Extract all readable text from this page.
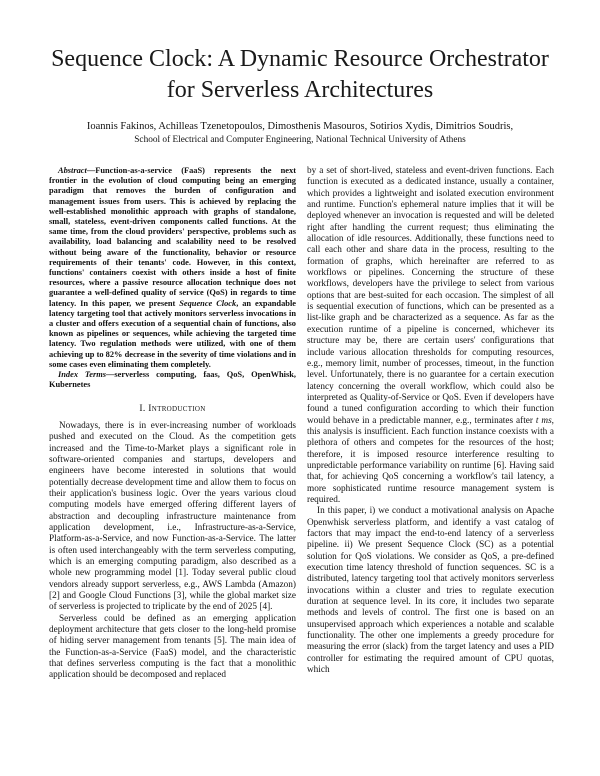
Sequence Clock: A Dynamic Resource Orchestrator
for Serverless Architectures
Ioannis Fakinos, Achilleas Tzenetopoulos, Dimosthenis Masouros, Sotirios Xydis, Dimitrios Soudris,
School of Electrical and Computer Engineering, National Technical University of Athens

Abstract—Function-as-a-service (FaaS) represents the next frontier in the evolution of cloud computing being an emerging paradigm that removes the burden of configuration and management issues from users. This is achieved by replacing the well-established monolithic approach with graphs of standalone, small, stateless, event-driven components called functions. At the same time, from the cloud providers' perspective, problems such as availability, load balancing and scalability need to be resolved without being aware of the functionality, behavior or resource requirements of their tenants' code. However, in this context, functions' containers coexist with others inside a host of finite resources, where a passive resource allocation technique does not guarantee a well-defined quality of service (QoS) in regards to time latency. In this paper, we present Sequence Clock, an expandable latency targeting tool that actively monitors serverless invocations in a cluster and offers execution of a sequential chain of functions, also known as pipelines or sequences, while achieving the targeted time latency. Two regulation methods were utilized, with one of them achieving up to 82% decrease in the severity of time violations and in some cases even eliminating them completely.

Index Terms—serverless computing, faas, QoS, OpenWhisk, Kubernetes

I. Introduction

Nowadays, there is in ever-increasing number of workloads pushed and executed on the Cloud. As the competition gets increased and the Time-to-Market plays a significant role in software-oriented companies and startups, developers and engineers have become interested in solutions that would potentially decrease development time and allow them to focus on their application's business logic. Over the years various cloud computing models have emerged offering different layers of abstraction and decoupling infrastructure maintenance from application development, i.e., Infrastructure-as-a-Service, Platform-as-a-Service, and now Function-as-a-Service. The latter is often used interchangeably with the term serverless computing, which is an emerging computing paradigm, also described as a whole new programming model [1]. Today several public cloud vendors already support serverless, e.g., AWS Lambda (Amazon) [2] and Google Cloud Functions [3], while the global market size of serverless is projected to triplicate by the end of 2025 [4].

Serverless could be defined as an emerging application deployment architecture that gets closer to the long-held promise of hiding server management from tenants [5]. The main idea of the Function-as-a-Service (FaaS) model, and the characteristic that defines serverless computing is the fact that a monolithic application should be decomposed and replaced

by a set of short-lived, stateless and event-driven functions. Each function is executed as a dedicated instance, usually a container, which provides a lightweight and isolated execution environment and runtime. Function's ephemeral nature implies that it will be deployed whenever an invocation is requested and will be deleted right after handling the current request; thus eliminating the allocation of idle resources. Additionally, these functions need to call each other and share data in the process, resulting to the formation of graphs, which hereinafter are referred to as workflows or pipelines. Concerning the structure of these workflows, developers have the privilege to select from various options that are best-suited for each occasion. The simplest of all is sequential execution of functions, which can be presented as a list-like graph and be characterized as a sequence. As far as the execution runtime of a pipeline is concerned, whichever its structure may be, there are certain users' configurations that include various allocation thresholds for computing resources, e.g., memory limit, number of processes, timeout, in the function level. Unfortunately, there is no guarantee for a certain execution latency concerning the overall workflow, which could also be interpreted as Quality-of-Service or QoS. Even if developers have found a tuned configuration according to which their function would behave in a predictable manner, e.g., terminates after t ms, this analysis is insufficient. Each function instance coexists with a plethora of others and competes for the resources of the host; therefore, it is imposed resource interference resulting to unpredictable performance variability on runtime [6]. Having said that, for achieving QoS concerning a workflow's tail latency, a more sophisticated runtime resource management system is required.

In this paper, i) we conduct a motivational analysis on Apache Openwhisk serverless platform, and identify a vast catalog of factors that may impact the end-to-end latency of a serverless pipeline. ii) We present Sequence Clock (SC) as a potential solution for QoS violations. We consider as QoS, a pre-defined execution time latency threshold of function sequences. SC is a distributed, latency targeting tool that actively monitors serverless invocations within a cluster and tries to regulate execution duration at sequence level. In its core, it includes two separate methods and levels of control. The first one is based on an unsupervised approach which experiences a notable and scalable functionality. The other one implements a greedy procedure for measuring the error (slack) from the target latency and uses a PID controller for estimating the required amount of CPU quotas, which
